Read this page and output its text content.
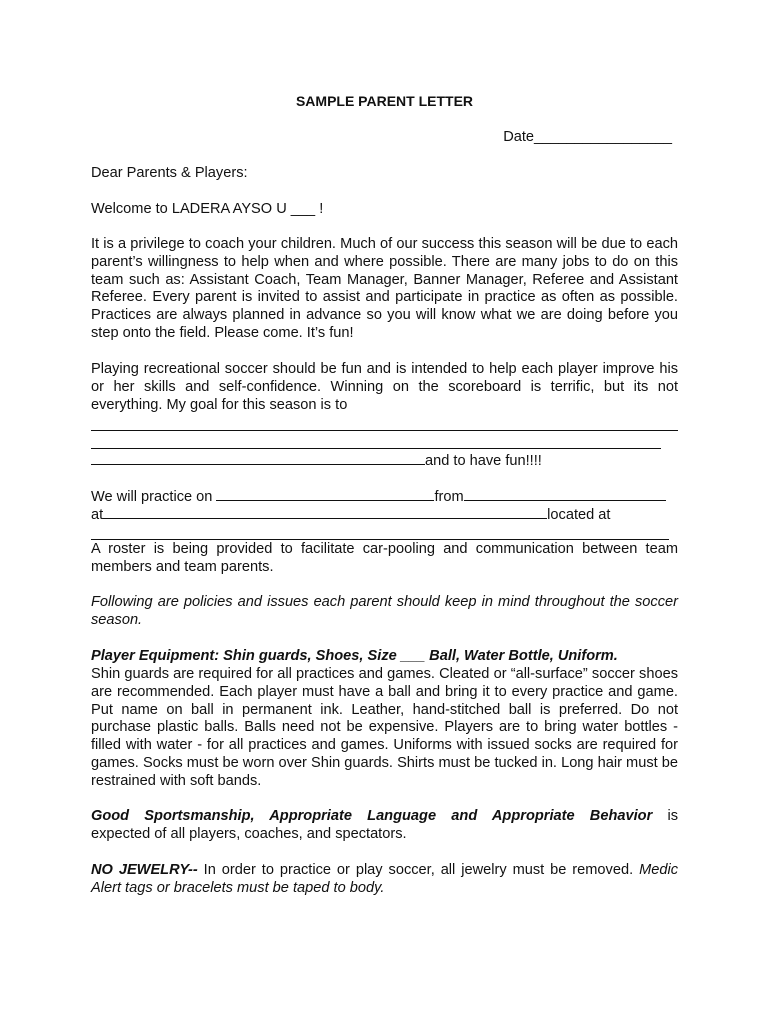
SAMPLE PARENT LETTER
Date_________________
Dear Parents & Players:
Welcome to LADERA AYSO U ___ !
It is a privilege to coach your children. Much of our success this season will be due to each parent’s willingness to help when and where possible. There are many jobs to do on this team such as: Assistant Coach, Team Manager, Banner Manager, Referee and Assistant Referee. Every parent is invited to assist and participate in practice as often as possible. Practices are always planned in advance so you will know what we are doing before you step onto the field. Please come. It’s fun!
Playing recreational soccer should be fun and is intended to help each player improve his or her skills and self-confidence. Winning on the scoreboard is terrific, but its not everything. My goal for this season is to
and to have fun!!!!
We will practice on	from
at	located at
A roster is being provided to facilitate car-pooling and communication between team members and team parents.
Following are policies and issues each parent should keep in mind throughout the soccer season.
Player Equipment: Shin guards, Shoes, Size ___ Ball, Water Bottle, Uniform.
Shin guards are required for all practices and games. Cleated or “all-surface” soccer shoes are recommended. Each player must have a ball and bring it to every practice and game. Put name on ball in permanent ink. Leather, hand-stitched ball is preferred. Do not purchase plastic balls. Balls need not be expensive. Players are to bring water bottles - filled with water - for all practices and games. Uniforms with issued socks are required for games. Socks must be worn over Shin guards. Shirts must be tucked in. Long hair must be restrained with soft bands.
Good Sportsmanship, Appropriate Language and Appropriate Behavior is
expected of all players, coaches, and spectators.
NO JEWELRY-- In order to practice or play soccer, all jewelry must be removed. Medic Alert tags or bracelets must be taped to body.
